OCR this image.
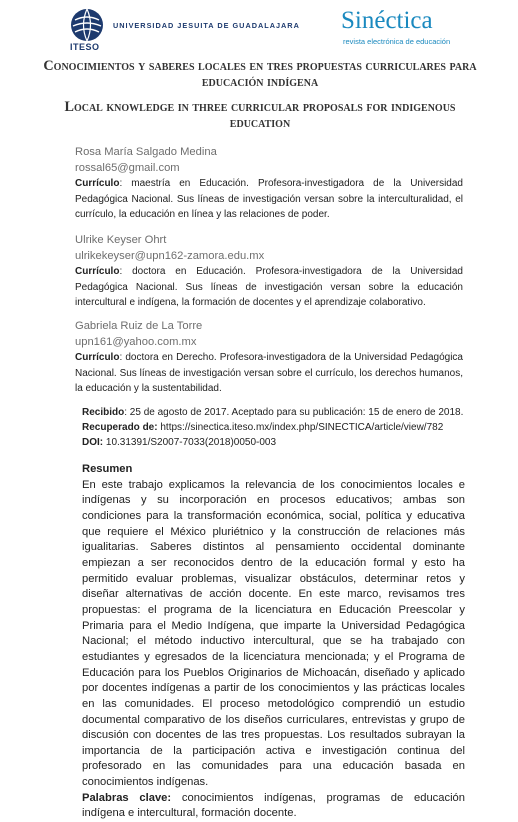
ITESO
UNIVERSIDAD JESUITA DE GUADALAJARA Sinéctica
revista electrónica de educación
Conocimientos y saberes locales en tres propuestas curriculares para educación indígena
Local knowledge in three curricular proposals for indigenous education
Rosa María Salgado Medina
rossal65@gmail.com
Currículo: maestría en Educación. Profesora-investigadora de la Universidad Pedagógica Nacional. Sus líneas de investigación versan sobre la interculturalidad, el currículo, la educación en línea y las relaciones de poder.
Ulrike Keyser Ohrt
ulrikekeyser@upn162-zamora.edu.mx
Currículo: doctora en Educación. Profesora-investigadora de la Universidad Pedagógica Nacional. Sus líneas de investigación versan sobre la educación intercultural e indígena, la formación de docentes y el aprendizaje colaborativo.
Gabriela Ruiz de La Torre
upn161@yahoo.com.mx
Currículo: doctora en Derecho. Profesora-investigadora de la Universidad Pedagógica Nacional. Sus líneas de investigación versan sobre el currículo, los derechos humanos, la educación y la sustentabilidad.
Recibido: 25 de agosto de 2017. Aceptado para su publicación: 15 de enero de 2018.
Recuperado de: https://sinectica.iteso.mx/index.php/SINECTICA/article/view/782
DOI: 10.31391/S2007-7033(2018)0050-003
Resumen
En este trabajo explicamos la relevancia de los conocimientos locales e indígenas y su incorporación en procesos educativos; ambas son condiciones para la transformación económica, social, política y educativa que requiere el México pluriétnico y la construcción de relaciones más igualitarias. Saberes distintos al pensamiento occidental dominante empiezan a ser reconocidos dentro de la educación formal y esto ha permitido evaluar problemas, visualizar obstáculos, determinar retos y diseñar alternativas de acción docente. En este marco, revisamos tres propuestas: el programa de la licenciatura en Educación Preescolar y Primaria para el Medio Indígena, que imparte la Universidad Pedagógica Nacional; el método inductivo intercultural, que se ha trabajado con estudiantes y egresados de la licenciatura mencionada; y el Programa de Educación para los Pueblos Originarios de Michoacán, diseñado y aplicado por docentes indígenas a partir de los conocimientos y las prácticas locales en las comunidades. El proceso metodológico comprendió un estudio documental comparativo de los diseños curriculares, entrevistas y grupo de discusión con docentes de las tres propuestas. Los resultados subrayan la importancia de la participación activa e investigación continua del profesorado en las comunidades para una educación basada en conocimientos indígenas.
Palabras clave: conocimientos indígenas, programas de educación indígena e intercultural, formación docente.
